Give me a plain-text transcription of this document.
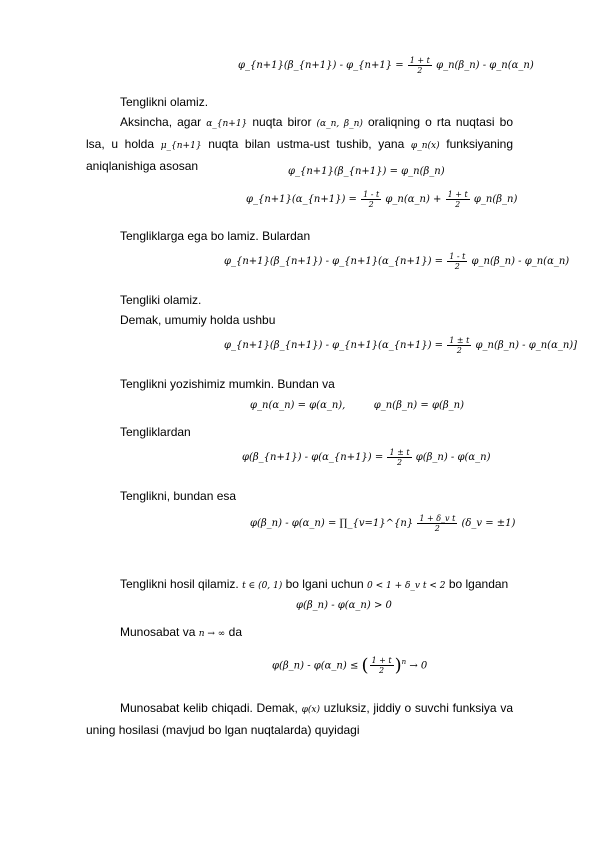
φ_{n+1}(β_{n+1}) - φ_{n+1} = $\frac{1 + t}{2}$ φ_n(β_n) - φ_n(α_n)
Tenglikni olamiz.
Aksincha, agar α_{n+1} nuqta biror (α_n, β_n) oraliqning o rta nuqtasi bo lsa, u holda μ_{n+1} nuqta bilan ustma-ust tushib, yana φ_n(x) funksiyaning aniqlanishiga asosan	φ_{n+1}(β_{n+1}) = φ_n(β_n)
φ_{n+1}(α_{n+1}) = $\frac{1 - t}{2}$ φ_n(α_n) + $\frac{1 + t}{2}$ φ_n(β_n)
Tengliklarga ega bo lamiz. Bulardan
φ_{n+1}(β_{n+1}) - φ_{n+1}(α_{n+1}) = $\frac{1 - t}{2}$ φ_n(β_n) - φ_n(α_n)
Tengliki olamiz.
Demak, umumiy holda ushbu
φ_{n+1}(β_{n+1}) - φ_{n+1}(α_{n+1}) = $\frac{1 \pm t}{2}$ φ_n(β_n) - φ_n(α_n)]
Tenglikni yozishimiz mumkin. Bundan va
φ_n(α_n) = φ(α_n),	φ_n(β_n) = φ(β_n)
Tengliklardan
φ(β_{n+1}) - φ(α_{n+1}) = $\frac{1 \pm t}{2}$ φ(β_n) - φ(α_n)
Tenglikni, bundan esa
φ(β_n) - φ(α_n) = ∏_{v=1}^{n} $\frac{\text{1 + δ\_v t}}{2}$ (δ_v = ±1)
Tenglikni hosil qilamiz. t ∈ (0, 1) bo lgani uchun 0 < 1 + δ_v t < 2 bo lgandan
φ(β_n) - φ(α_n) > 0
Munosabat va n → ∞ da
φ(β_n) - φ(α_n) ≤ ( $\frac{1 + t}{2} )^n \to 0$
Munosabat kelib chiqadi. Demak, φ(x) uzluksiz, jiddiy o suvchi funksiya va uning hosilasi (mavjud bo lgan nuqtalarda) quyidagi
